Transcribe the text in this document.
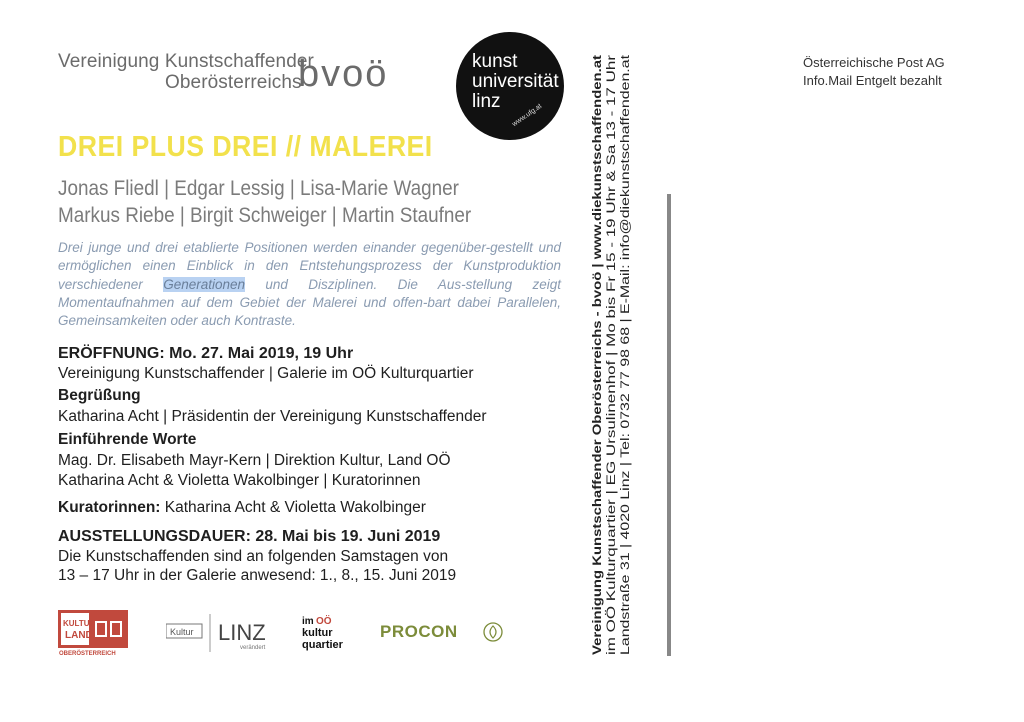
Vereinigung Kunstschaffender
Oberösterreichs
bvoö	kunst
universität
linz
www.ufg.at
DREI PLUS DREI // MALEREI
Jonas Fliedl | Edgar Lessig | Lisa-Marie Wagner
Markus Riebe | Birgit Schweiger | Martin Staufner
Drei junge und drei etablierte Positionen werden einander gegenüber-gestellt und ermöglichen einen Einblick in den Entstehungsprozess der Kunstproduktion verschiedener Generationen und Disziplinen. Die Aus-stellung zeigt Momentaufnahmen auf dem Gebiet der Malerei und offen-bart dabei Parallelen, Gemeinsamkeiten oder auch Kontraste.
ERÖFFNUNG: Mo. 27. Mai 2019, 19 Uhr
Vereinigung Kunstschaffender | Galerie im OÖ Kulturquartier
Begrüßung
Katharina Acht | Präsidentin der Vereinigung Kunstschaffender
Einführende Worte
Mag. Dr. Elisabeth Mayr-Kern | Direktion Kultur, Land OÖ
Katharina Acht & Violetta Wakolbinger | Kuratorinnen
Kuratorinnen: Katharina Acht & Violetta Wakolbinger
AUSSTELLUNGSDAUER: 28. Mai bis 19. Juni 2019
Die Kunstschaffenden sind an folgenden Samstagen von
13 – 17 Uhr in der Galerie anwesend: 1., 8., 15. Juni 2019	Vereinigung Kunstschaffender Oberösterreichs - bvoö | www.diekunstschaffenden.at im OÖ Kulturquartier | EG Ursulinenhof | Mo bis Fr 15 - 19 Uhr & Sa 13 - 17 Uhr Landstraße 31 | 4020 Linz | Tel: 0732 77 98 68 | E-Mail: info@diekunstschaffenden.at
Österreichische Post AG
Info.Mail Entgelt bezahlt
KULTUR
LAND
OBERÖSTERREICH
Kultur LINZ
verändert
im OÖ
kultur
quartier
PROCON
